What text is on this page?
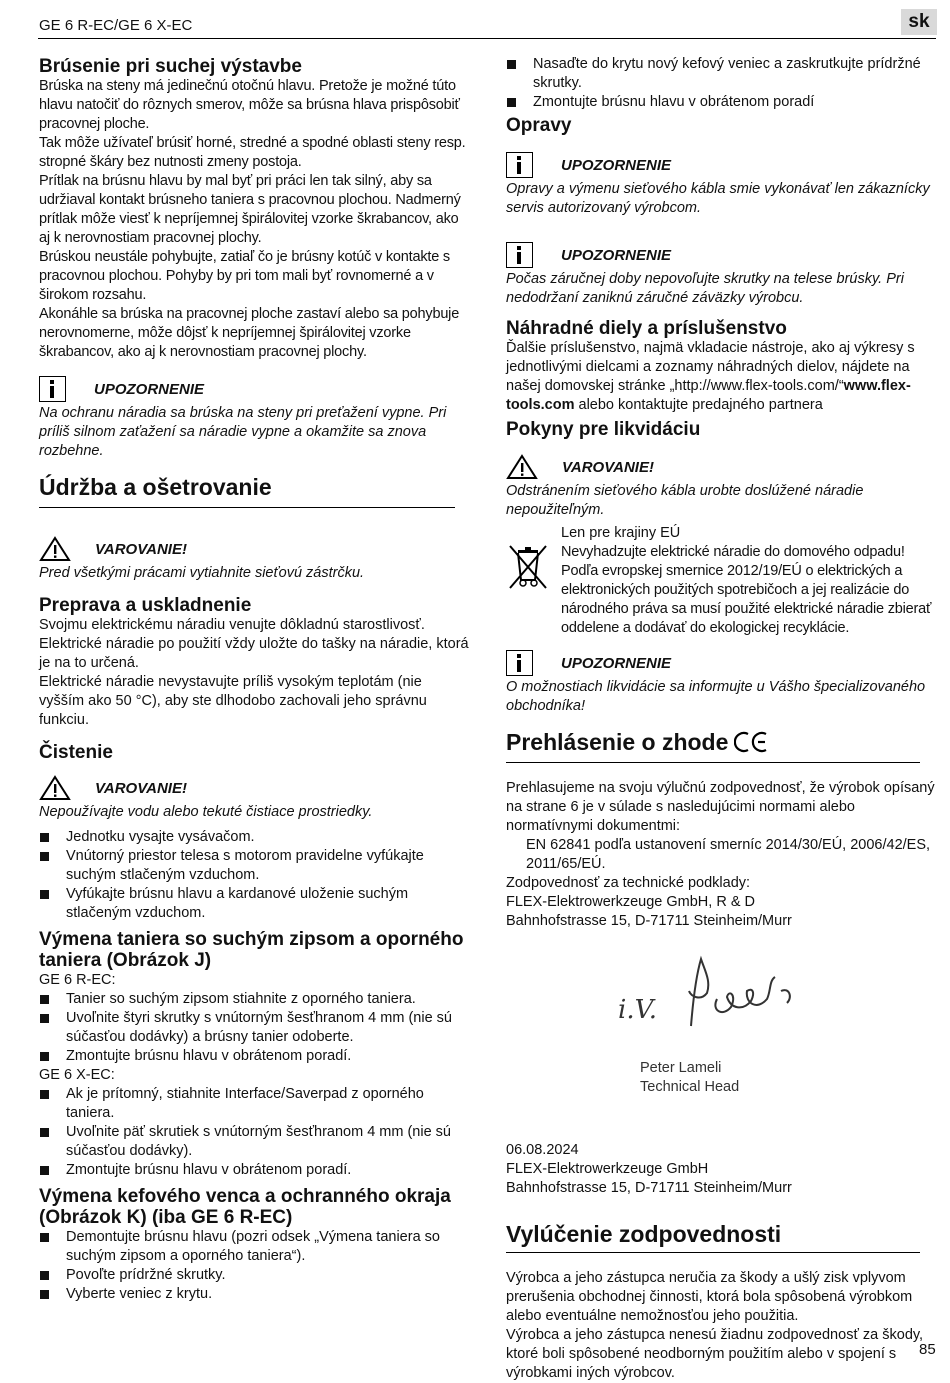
GE 6 R-EC/GE 6 X-EC	sk
Brúsenie pri suchej výstavbe

Brúska na steny má jedinečnú otočnú hlavu. Pretože je možné túto hlavu natočiť do rôznych smerov, môže sa brúsna hlava prispôsobiť pracovnej ploche.

Tak môže užívateľ brúsiť horné, stredné a spodné oblasti steny resp. stropné škáry bez nutnosti zmeny postoja.

Prítlak na brúsnu hlavu by mal byť pri práci len tak silný, aby sa udržiaval kontakt brúsneho taniera s pracovnou plochou. Nadmerný prítlak môže viesť k nepríjemnej špirálovitej vzorke škrabancov, ako aj k nerovnostiam pracovnej plochy.

Brúskou neustále pohybujte, zatiaľ čo je brúsny kotúč v kontakte s pracovnou plochou. Pohyby by pri tom mali byť rovnomerné a v širokom rozsahu.

Akonáhle sa brúska na pracovnej ploche zastaví alebo sa pohybuje nerovnomerne, môže dôjsť k nepríjemnej špirálovitej vzorke škrabancov, ako aj k nerovnostiam pracovnej plochy.

UPOZORNENIE

Na ochranu náradia sa brúska na steny pri preťažení vypne. Pri príliš silnom zaťažení sa náradie vypne a okamžite sa znova rozbehne.

Údržba a ošetrovanie
VAROVANIE!

Pred všetkými prácami vytiahnite sieťovú zástrčku.

Preprava a uskladnenie

Svojmu elektrickému náradiu venujte dôkladnú starostlivosť.

Elektrické náradie po použití vždy uložte do tašky na náradie, ktorá je na to určená.

Elektrické náradie nevystavujte príliš vysokým teplotám (nie vyšším ako 50 °C), aby ste dlhodobo zachovali jeho správnu funkciu.

Čistenie
VAROVANIE!

Nepoužívajte vodu alebo tekuté čistiace prostriedky.

Jednotku vysajte vysávačom.
Vnútorný priestor telesa s motorom pravidelne vyfúkajte suchým stlačeným vzduchom.
Vyfúkajte brúsnu hlavu a kardanové uloženie suchým stlačeným vzduchom.
Výmena taniera so suchým zipsom a oporného taniera (Obrázok J)

GE 6 R-EC:

Tanier so suchým zipsom stiahnite z oporného taniera.
Uvoľnite štyri skrutky s vnútorným šesťhranom 4 mm (nie sú súčasťou dodávky) a brúsny tanier odoberte.
Zmontujte brúsnu hlavu v obrátenom poradí.

GE 6 X-EC:

Ak je prítomný, stiahnite Interface/Saverpad z oporného taniera.
Uvoľnite päť skrutiek s vnútorným šesťhranom 4 mm (nie sú súčasťou dodávky).
Zmontujte brúsnu hlavu v obrátenom poradí.
Výmena kefového venca a ochranného okraja (Obrázok K) (iba GE 6 R-EC)
Demontujte brúsnu hlavu (pozri odsek „Výmena taniera so suchým zipsom a oporného taniera“).
Povoľte prídržné skrutky.
Vyberte veniec z krytu.
Nasaďte do krytu nový kefový veniec a zaskrutkujte prídržné skrutky.
Zmontujte brúsnu hlavu v obrátenom poradí
Opravy
UPOZORNENIE

Opravy a výmenu sieťového kábla smie vykonávať len zákaznícky servis autorizovaný výrobcom.

UPOZORNENIE

Počas záručnej doby nepovoľujte skrutky na telese brúsky. Pri nedodržaní zaniknú záručné záväzky výrobcu.

Náhradné diely a príslušenstvo

Ďalšie príslušenstvo, najmä vkladacie nástroje, ako aj výkresy s jednotlivými dielcami a zoznamy náhradných dielov, nájdete na našej domovskej stránke „http://www.flex-tools.com/“www.flex-tools.com alebo kontaktujte predajného partnera

Pokyny pre likvidáciu
VAROVANIE!

Odstránením sieťového kábla urobte doslúžené náradie nepoužiteľným.

Len pre krajiny EÚ

Nevyhadzujte elektrické náradie do domového odpadu! Podľa evropskej smernice 2012/19/EÚ o elektrických a elektronických použitých spotrebičoch a jej realizácie do národného práva sa musí použité elektrické náradie zbierať oddelene a dodávať do ekologickej recyklácie.

UPOZORNENIE

O možnostiach likvidácie sa informujte u Vášho špecializovaného obchodníka!

Prehlásenie o zhode

Prehlasujeme na svoju výlučnú zodpovednosť, že výrobok opísaný na strane 6 je v súlade s nasledujúcimi normami alebo normatívnymi dokumentmi:

EN 62841 podľa ustanovení smerníc 2014/30/EÚ, 2006/42/ES, 2011/65/EÚ.

Zodpovednosť za technické podklady:

FLEX-Elektrowerkzeuge GmbH, R & D

Bahnhofstrasse 15, D-71711 Steinheim/Murr

i.V.
Peter Lameli
Technical Head

06.08.2024

FLEX-Elektrowerkzeuge GmbH

Bahnhofstrasse 15, D-71711 Steinheim/Murr

Vylúčenie zodpovednosti

Výrobca a jeho zástupca neručia za škody a ušlý zisk vplyvom prerušenia obchodnej činnosti, ktorá bola spôsobená výrobkom alebo eventuálne nemožnosťou jeho použitia.

Výrobca a jeho zástupca nenesú žiadnu zodpovednosť za škody, ktoré boli spôsobené neodborným použitím alebo v spojení s výrobkami iných výrobcov.

85
